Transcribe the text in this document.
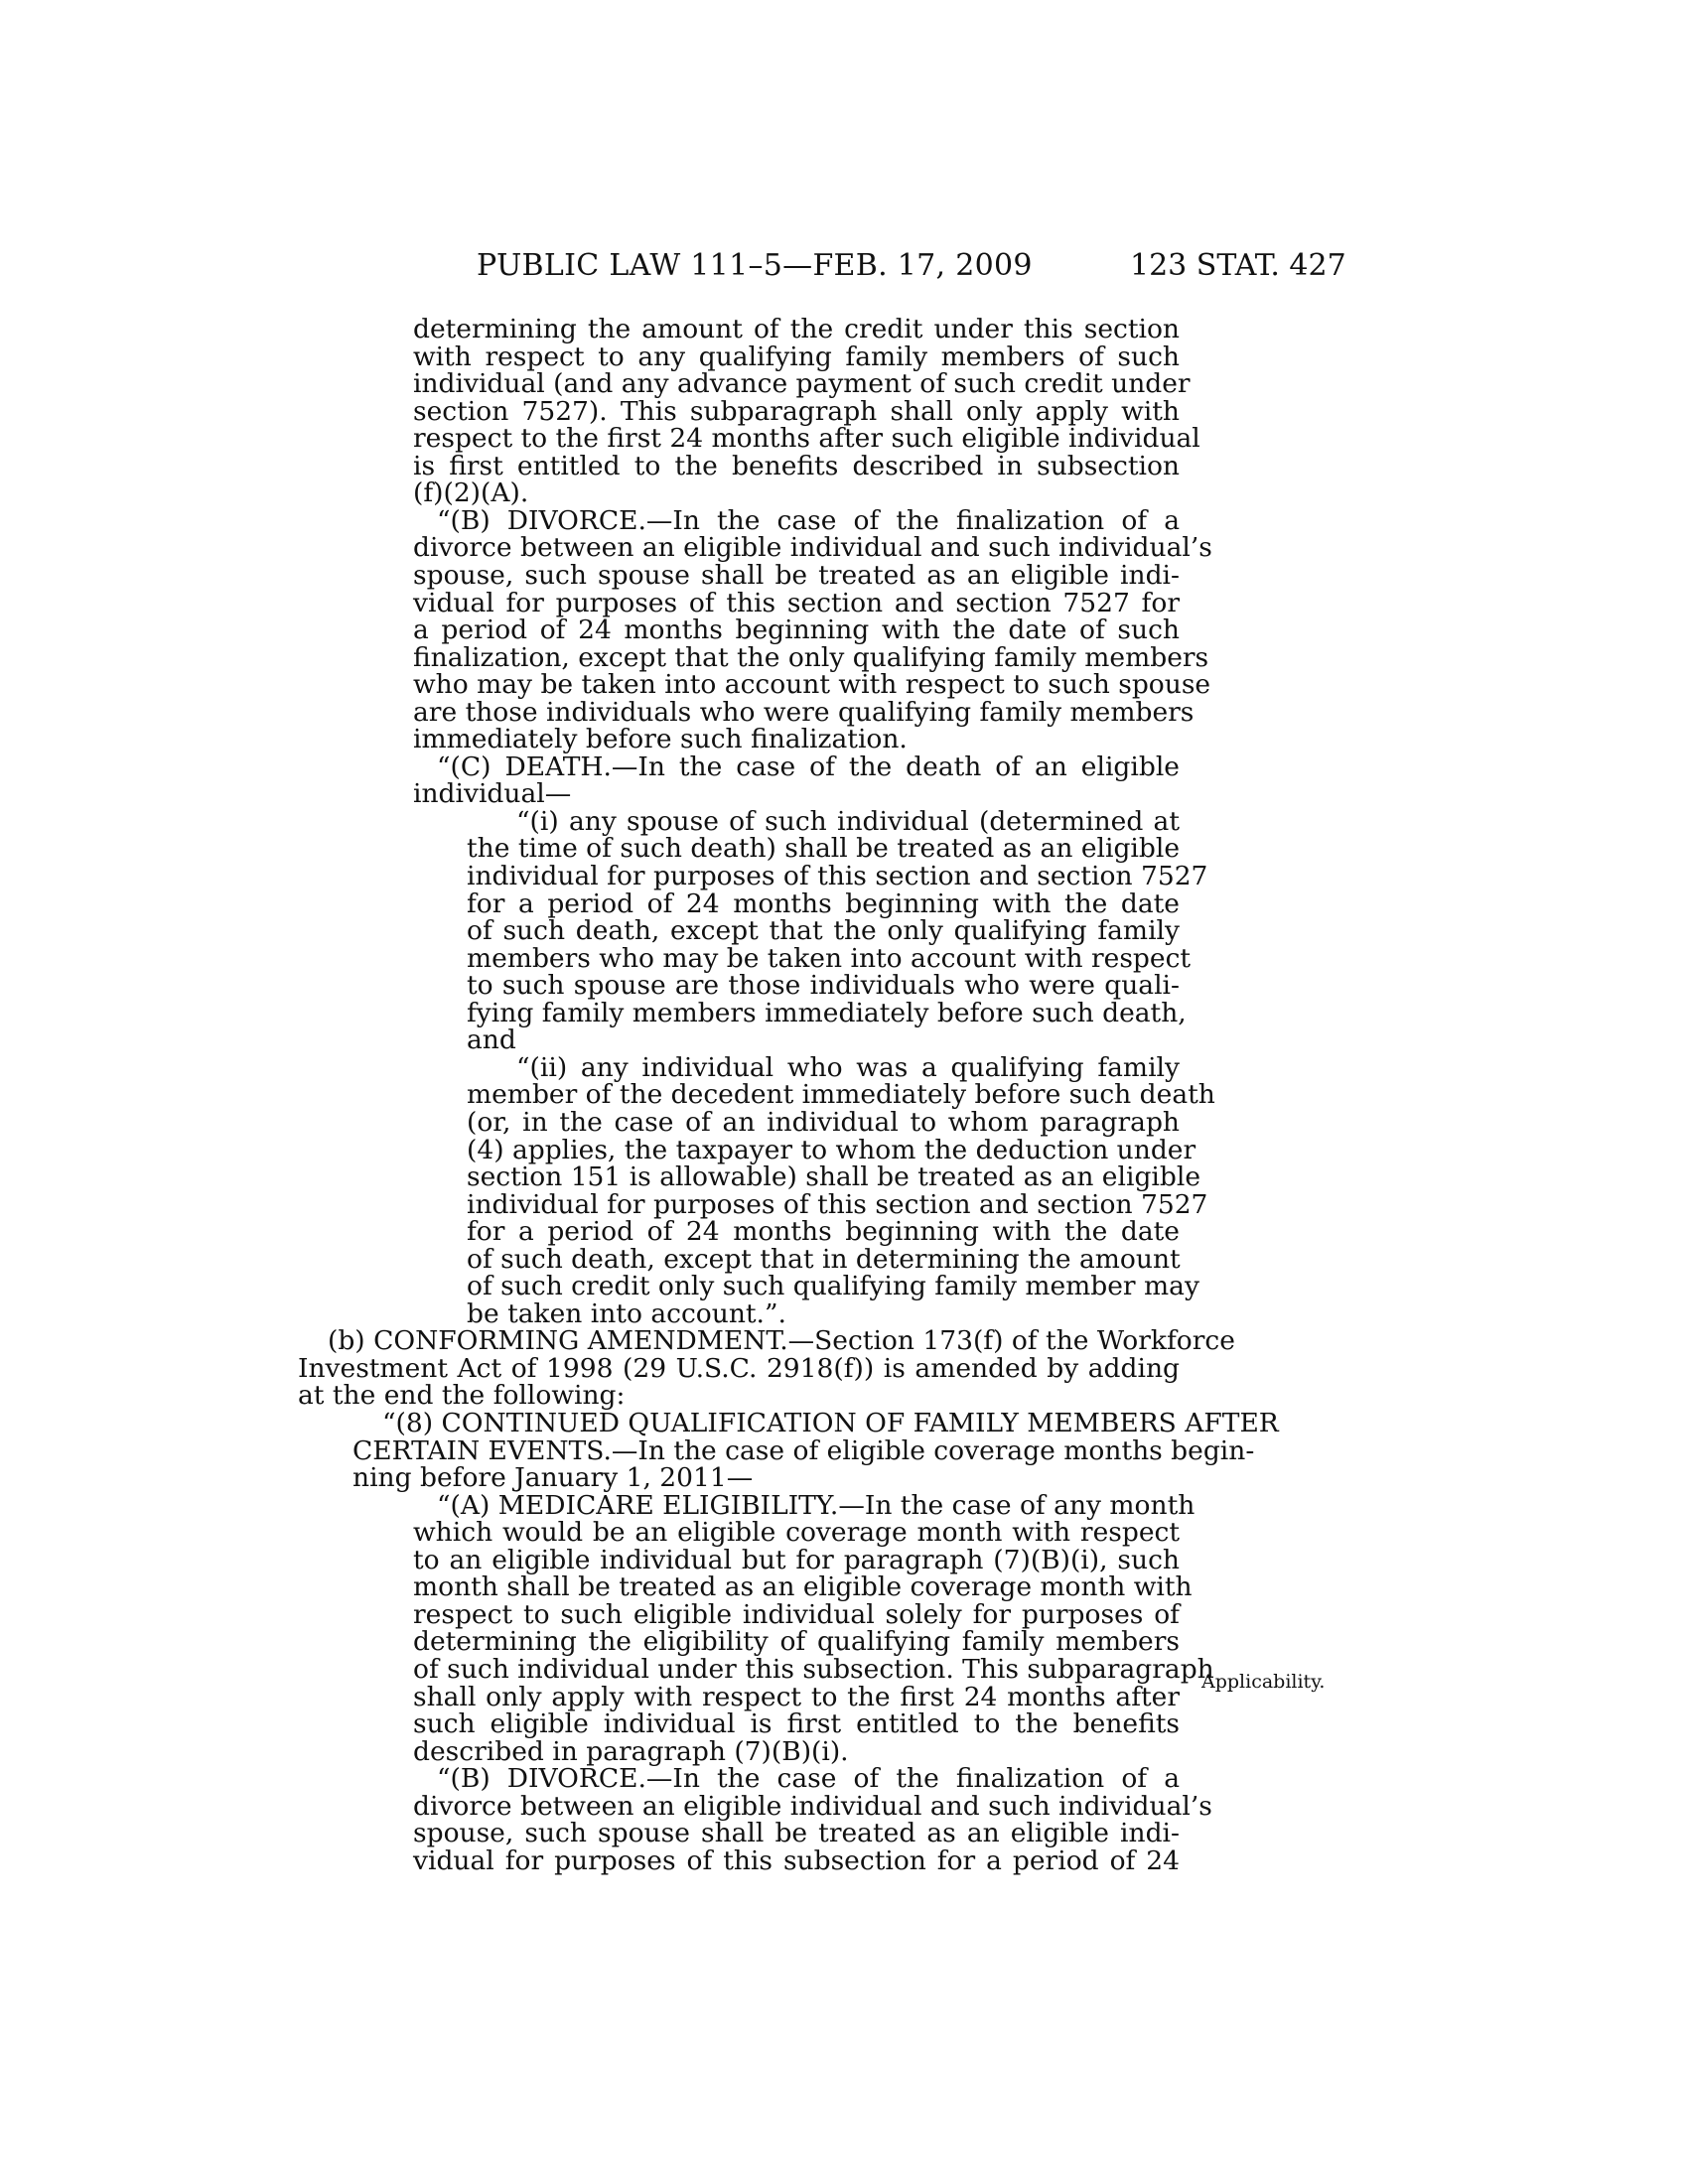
PUBLIC LAW 111–5—FEB. 17, 2009	123 STAT. 427
determining the amount of the credit under this section
with respect to any qualifying family members of such
individual (and any advance payment of such credit under
section 7527). This subparagraph shall only apply with
respect to the first 24 months after such eligible individual
is first entitled to the benefits described in subsection
(f)(2)(A).
“(B) DIVORCE.—In the case of the finalization of a
divorce between an eligible individual and such individual’s
spouse, such spouse shall be treated as an eligible indi-
vidual for purposes of this section and section 7527 for
a period of 24 months beginning with the date of such
finalization, except that the only qualifying family members
who may be taken into account with respect to such spouse
are those individuals who were qualifying family members
immediately before such finalization.
“(C) DEATH.—In the case of the death of an eligible
individual—
“(i) any spouse of such individual (determined at
the time of such death) shall be treated as an eligible
individual for purposes of this section and section 7527
for a period of 24 months beginning with the date
of such death, except that the only qualifying family
members who may be taken into account with respect
to such spouse are those individuals who were quali-
fying family members immediately before such death,
and
“(ii) any individual who was a qualifying family
member of the decedent immediately before such death
(or, in the case of an individual to whom paragraph
(4) applies, the taxpayer to whom the deduction under
section 151 is allowable) shall be treated as an eligible
individual for purposes of this section and section 7527
for a period of 24 months beginning with the date
of such death, except that in determining the amount
of such credit only such qualifying family member may
be taken into account.”.
(b) CONFORMING AMENDMENT.—Section 173(f) of the Workforce
Investment Act of 1998 (29 U.S.C. 2918(f)) is amended by adding
at the end the following:
“(8) CONTINUED QUALIFICATION OF FAMILY MEMBERS AFTER
CERTAIN EVENTS.—In the case of eligible coverage months begin-
ning before January 1, 2011—
“(A) MEDICARE ELIGIBILITY.—In the case of any month
which would be an eligible coverage month with respect
to an eligible individual but for paragraph (7)(B)(i), such
month shall be treated as an eligible coverage month with
respect to such eligible individual solely for purposes of
determining the eligibility of qualifying family members
of such individual under this subsection. This subparagraph
shall only apply with respect to the first 24 months after
such eligible individual is first entitled to the benefits
described in paragraph (7)(B)(i).
“(B) DIVORCE.—In the case of the finalization of a
divorce between an eligible individual and such individual’s
spouse, such spouse shall be treated as an eligible indi-
vidual for purposes of this subsection for a period of 24
Applicability.
